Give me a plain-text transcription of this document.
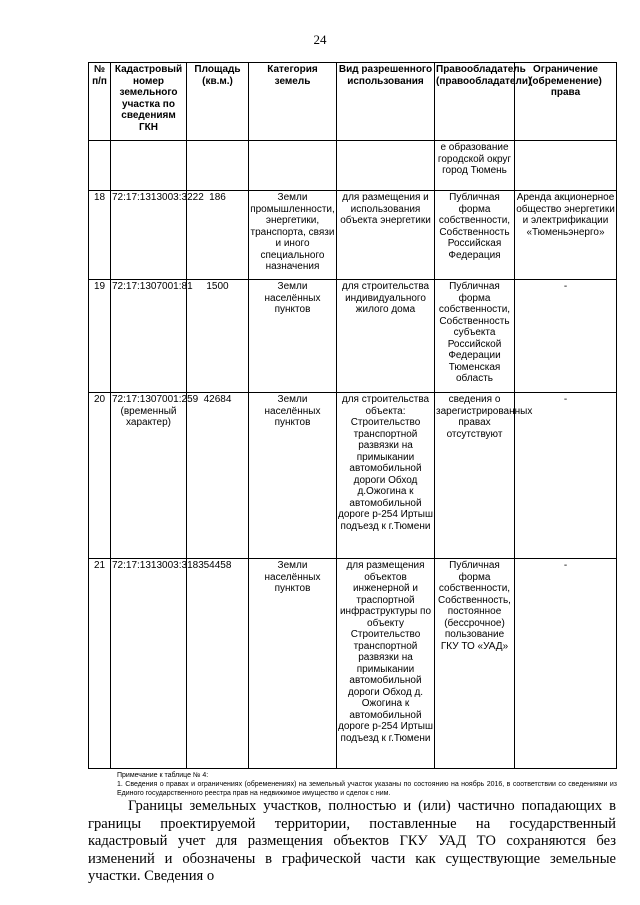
24
№ п/п	Кадастровый номер земельного участка по сведениям ГКН	Площадь (кв.м.)	Категория земель	Вид разрешенного использования	Правообладатель (правообладатели)	Ограничение (обременение) права
					е образование городской округ город Тюмень	
18	72:17:1313003:3222	186	Земли промышленности, энергетики, транспорта, связи и иного специального назначения	для размещения и использования объекта энергетики	Публичная форма собственности, Собственность Российская Федерация	Аренда акционерное общество энергетики и электрификации «Тюменьэнерго»
19	72:17:1307001:81	1500	Земли населённых пунктов	для строительства индивидуального жилого дома	Публичная форма собственности, Собственность субъекта Российской Федерации Тюменская область	-
20	72:17:1307001:259 (временный характер)	42684	Земли населённых пунктов	для строительства объекта: Строительство транспортной развязки на примыкании автомобильной дороги Обход д.Ожогина к автомобильной дороге р-254 Иртыш подъезд к г.Тюмени	сведения о зарегистрированных правах отсутствуют	-
21	72:17:1313003:3183	54458	Земли населённых пунктов	для размещения объектов инженерной и траспортной инфраструктуры по объекту Строительство транспортной развязки на примыкании автомобильной дороги Обход д. Ожогина к автомобильной дороге р-254 Иртыш подъезд к г.Тюмени	Публичная форма собственности, Собственность, постоянное (бессрочное) пользование ГКУ ТО «УАД»	-
Примечание к таблице № 4:
1. Сведения о правах и ограничениях (обременениях) на земельный участок указаны по состоянию на ноябрь 2016, в соответствии со сведениями из Единого государственного реестра прав на недвижимое имущество и сделок с ним.
Границы земельных участков, полностью и (или) частично попадающих в границы проектируемой территории, поставленные на государственный кадастровый учет для размещения объектов ГКУ УАД ТО сохраняются без изменений и обозначены в графической части как существующие земельные участки. Сведения о
